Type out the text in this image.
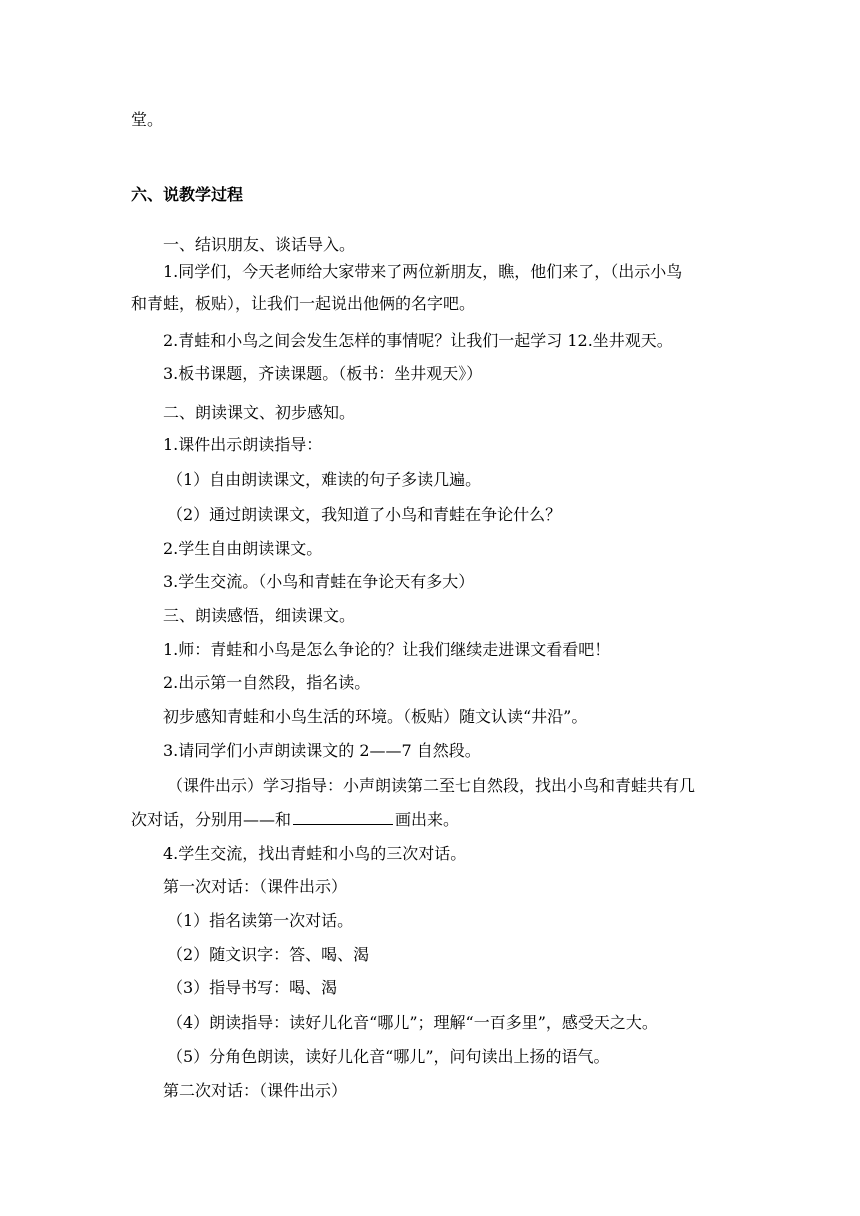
堂。
六、说教学过程
一、结识朋友、谈话导入。
1.同学们，今天老师给大家带来了两位新朋友，瞧，他们来了，（出示小鸟
和青蛙，板贴），让我们一起说出他俩的名字吧。
2.青蛙和小鸟之间会发生怎样的事情呢？让我们一起学习 12.坐井观天。
3.板书课题，齐读课题。（板书：坐井观天》）
二、朗读课文、初步感知。
1.课件出示朗读指导：
（1）自由朗读课文，难读的句子多读几遍。
（2）通过朗读课文，我知道了小鸟和青蛙在争论什么？
2.学生自由朗读课文。
3.学生交流。（小鸟和青蛙在争论天有多大）
三、朗读感悟，细读课文。
1.师：青蛙和小鸟是怎么争论的？让我们继续走进课文看看吧！
2.出示第一自然段，指名读。
初步感知青蛙和小鸟生活的环境。（板贴）随文认读“井沿”。
3.请同学们小声朗读课文的 2——7 自然段。
（课件出示）学习指导：小声朗读第二至七自然段，找出小鸟和青蛙共有几
次对话，分别用——和	画出来。
4.学生交流，找出青蛙和小鸟的三次对话。
第一次对话：（课件出示）
（1）指名读第一次对话。
（2）随文识字：答、喝、渴
（3）指导书写：喝、渴
（4）朗读指导：读好儿化音“哪儿”；理解“一百多里”，感受天之大。
（5）分角色朗读，读好儿化音“哪儿”，问句读出上扬的语气。
第二次对话：（课件出示）
